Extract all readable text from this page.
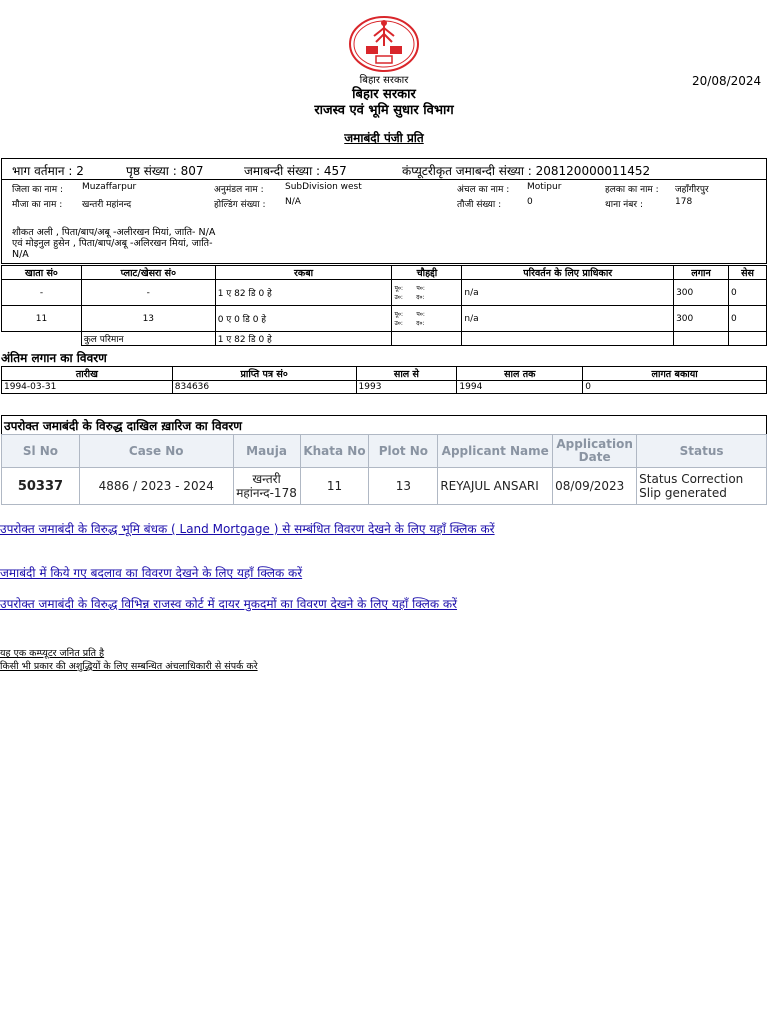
बिहार सरकार
बिहार सरकार
राजस्व एवं भूमि सुधार विभाग
20/08/2024
जमाबंदी पंजी प्रति
भाग वर्तमान : 2	पृष्ठ संख्या : 807	जमाबन्दी संख्या : 457	कंप्यूटरीकृत जमाबन्दी संख्या : 208120000011452
जिला का नाम : Muzaffarpur	अनुमंडल नाम : SubDivision west	अंचल का नाम : Motipur	हलका का नाम : जहाँगीरपुर
मौजा का नाम : खन्तरी महांनन्द	होल्डिंग संख्या : N/A	तौजी संख्या :	0	थाना नंबर :	178
शौकत अली , पिता/बाप/अबू -अलीरखन मियां, जाति- N/A
एवं मोइनुल हुसेन , पिता/बाप/अबू -अलिरखन मियां, जाति-
N/A
खाता सं०	प्लाट/खेसरा सं०	रकबा	चौहद्दी	परिवर्तन के लिए प्राधिकार	लगान	सेस
-	-	1 ए 82 डि 0 हे	पू०: प०:
उ०: द०:	n/a	300	0
11	13	0 ए 0 डि 0 हे	पू०: प०:
उ०: द०:	n/a	300	0
	कुल परिमान	1 ए 82 डि 0 हे				
अंतिम लगान का विवरण
तारीख	प्राप्ति पत्र सं०	साल से	साल तक	लागत बकाया
1994-03-31	834636	1993	1994	0
उपरोक्त जमाबंदी के विरुद्ध दाखिल ख़ारिज का विवरण
Sl No	Case No	Mauja	Khata No	Plot No	Applicant Name	Application Date	Status
50337	4886 / 2023 - 2024	खन्तरी महांनन्द-178	11	13	REYAJUL ANSARI	08/09/2023	Status Correction Slip generated
उपरोक्त जमाबंदी के विरुद्ध भूमि बंधक ( Land Mortgage ) से सम्बंधित विवरण देखने के लिए यहाँ क्लिक करें
जमाबंदी में किये गए बदलाव का विवरण देखने के लिए यहाँ क्लिक करें
उपरोक्त जमाबंदी के विरुद्ध विभिन्न राजस्व कोर्ट में दायर मुकदमों का विवरण देखने के लिए यहाँ क्लिक करें
यह एक कम्प्यूटर जनित प्रति है
किसी भी प्रकार की अशुद्धियों के लिए सम्बन्धित अंचलाधिकारी से संपर्क करे
